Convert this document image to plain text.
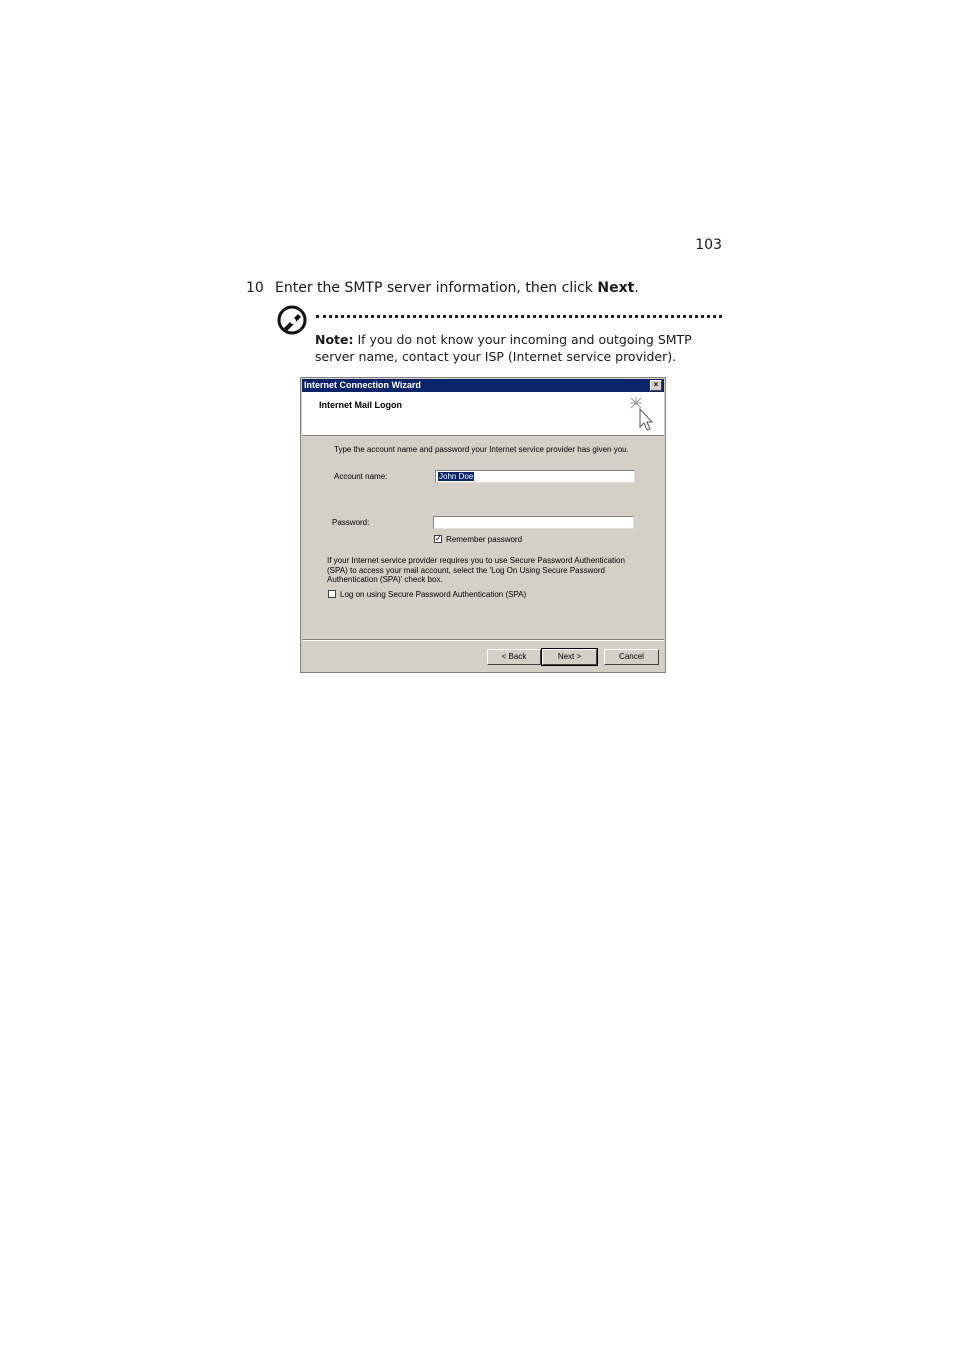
103
10 Enter the SMTP server information, then click Next.
Note: If you do not know your incoming and outgoing SMTP server name, contact your ISP (Internet service provider).
Internet Connection Wizard	×
Internet Mail Logon
Type the account name and password your Internet service provider has given you.
Account name:	John Doe
Password:
✓ Remember password
If your Internet service provider requires you to use Secure Password Authentication (SPA) to access your mail account, select the 'Log On Using Secure Password Authentication (SPA)' check box.
Log on using Secure Password Authentication (SPA)
< Back	Next >	Cancel
